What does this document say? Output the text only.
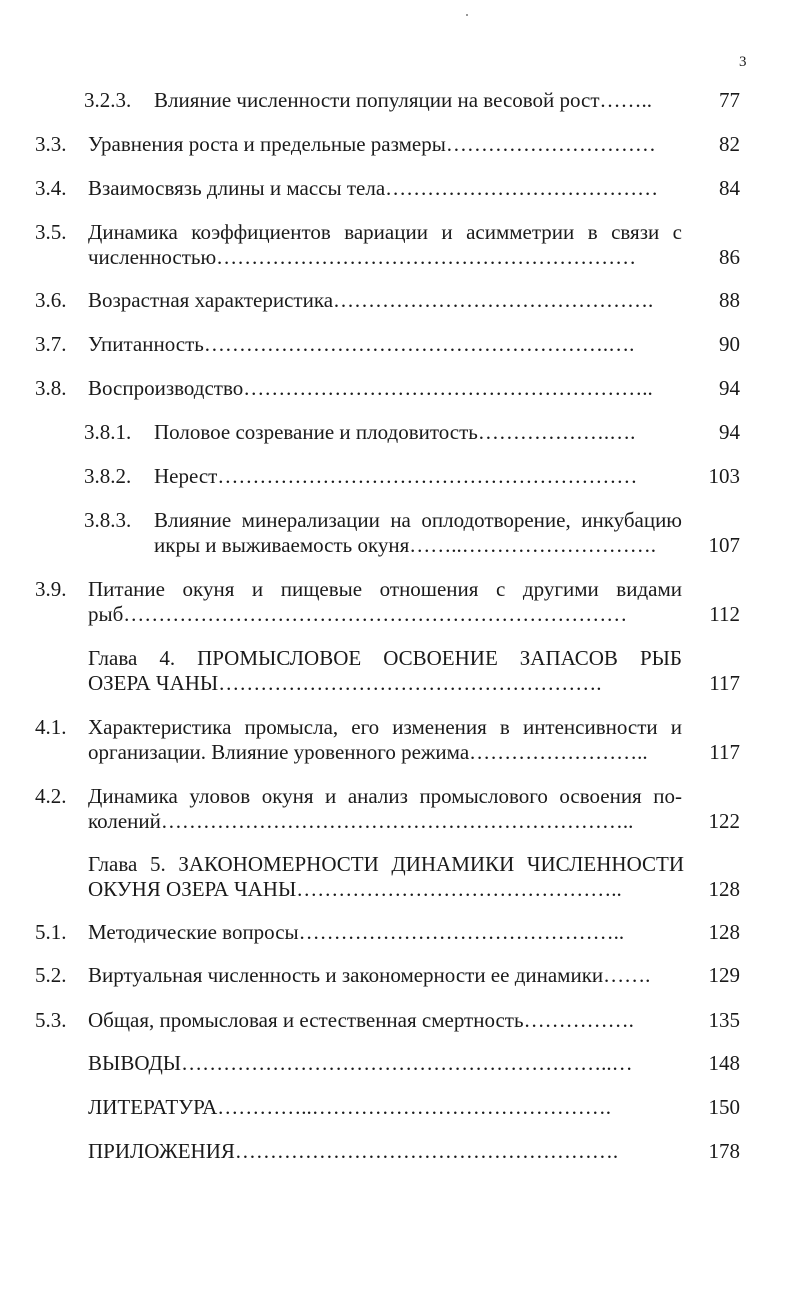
3
3.2.3. Влияние численности популяции на весовой рост……..	77
3.3. Уравнения роста и предельные размеры…………………………	82
3.4. Взаимосвязь длины и массы тела…………………………………	84
3.5. Динамика коэффициентов вариации и асимметрии в связи с
численностью……………………………………………………	86
3.6. Возрастная характеристика……………………………………….	88
3.7. Упитанность………………………………………………….….	90
3.8. Воспроизводство…………………………………………………..	94
3.8.1. Половое созревание и плодовитость……………….….	94
3.8.2. Нерест……………………………………………………	103
3.8.3. Влияние минерализации на оплодотворение, инкубацию
икры и выживаемость окуня……..……………………….	107
3.9. Питание окуня и пищевые отношения с другими видами
рыб………………………………………………………………	112
Глава 4. ПРОМЫСЛОВОЕ ОСВОЕНИЕ ЗАПАСОВ РЫБ
ОЗЕРА ЧАНЫ……………………………………………….	117
4.1. Характеристика промысла, его изменения в интенсивности и
организации. Влияние уровенного режима……………………..	117
4.2. Динамика уловов окуня и анализ промыслового освоения по-
колений…………………………………………………………..	122
Глава 5. ЗАКОНОМЕРНОСТИ ДИНАМИКИ ЧИСЛЕННОСТИ
ОКУНЯ ОЗЕРА ЧАНЫ………………………………………..	128
5.1. Методические вопросы………………………………………..	128
5.2. Виртуальная численность и закономерности ее динамики…….	129
5.3. Общая, промысловая и естественная смертность…………….	135
ВЫВОДЫ……………………………………………………..…	148
ЛИТЕРАТУРА…………..…………………………………….	150
ПРИЛОЖЕНИЯ……………………………………………….	178
